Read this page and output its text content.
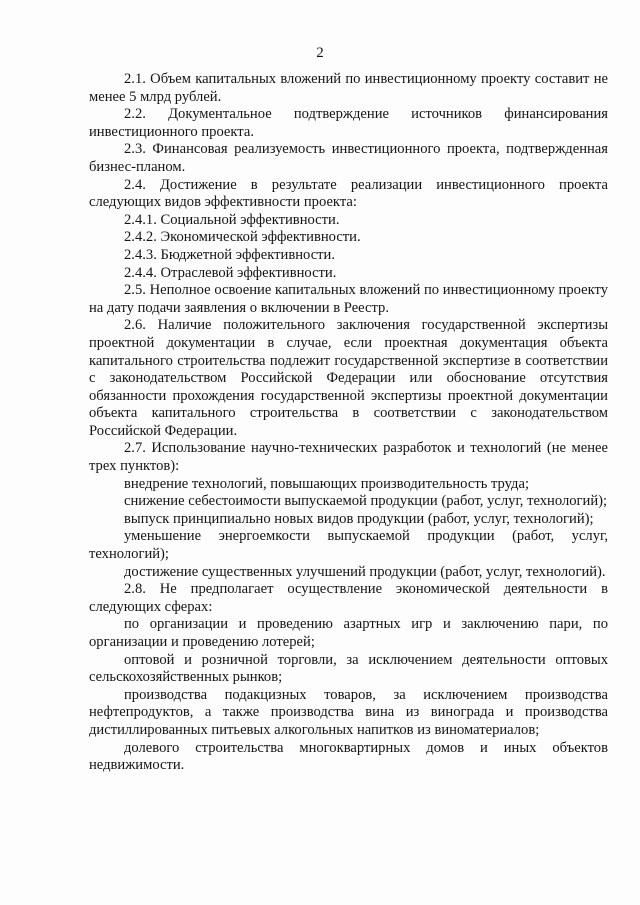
2

2.1. Объем капитальных вложений по инвестиционному проекту составит не менее 5 млрд рублей.

2.2. Документальное подтверждение источников финансирования инвестиционного проекта.

2.3. Финансовая реализуемость инвестиционного проекта, подтвержденная бизнес-планом.

2.4. Достижение в результате реализации инвестиционного проекта следующих видов эффективности проекта:

2.4.1. Социальной эффективности.

2.4.2. Экономической эффективности.

2.4.3. Бюджетной эффективности.

2.4.4. Отраслевой эффективности.

2.5. Неполное освоение капитальных вложений по инвестиционному проекту на дату подачи заявления о включении в Реестр.

2.6. Наличие положительного заключения государственной экспертизы проектной документации в случае, если проектная документация объекта капитального строительства подлежит государственной экспертизе в соответствии с законодательством Российской Федерации или обоснование отсутствия обязанности прохождения государственной экспертизы проектной документации объекта капитального строительства в соответствии с законодательством Российской Федерации.

2.7. Использование научно-технических разработок и технологий (не менее трех пунктов):

внедрение технологий, повышающих производительность труда;

снижение себестоимости выпускаемой продукции (работ, услуг, технологий);

выпуск принципиально новых видов продукции (работ, услуг, технологий);

уменьшение энергоемкости выпускаемой продукции (работ, услуг, технологий);

достижение существенных улучшений продукции (работ, услуг, технологий).

2.8. Не предполагает осуществление экономической деятельности в следующих сферах:

по организации и проведению азартных игр и заключению пари, по организации и проведению лотерей;

оптовой и розничной торговли, за исключением деятельности оптовых сельскохозяйственных рынков;

производства подакцизных товаров, за исключением производства нефтепродуктов, а также производства вина из винограда и производства дистиллированных питьевых алкогольных напитков из виноматериалов;

долевого строительства многоквартирных домов и иных объектов недвижимости.
